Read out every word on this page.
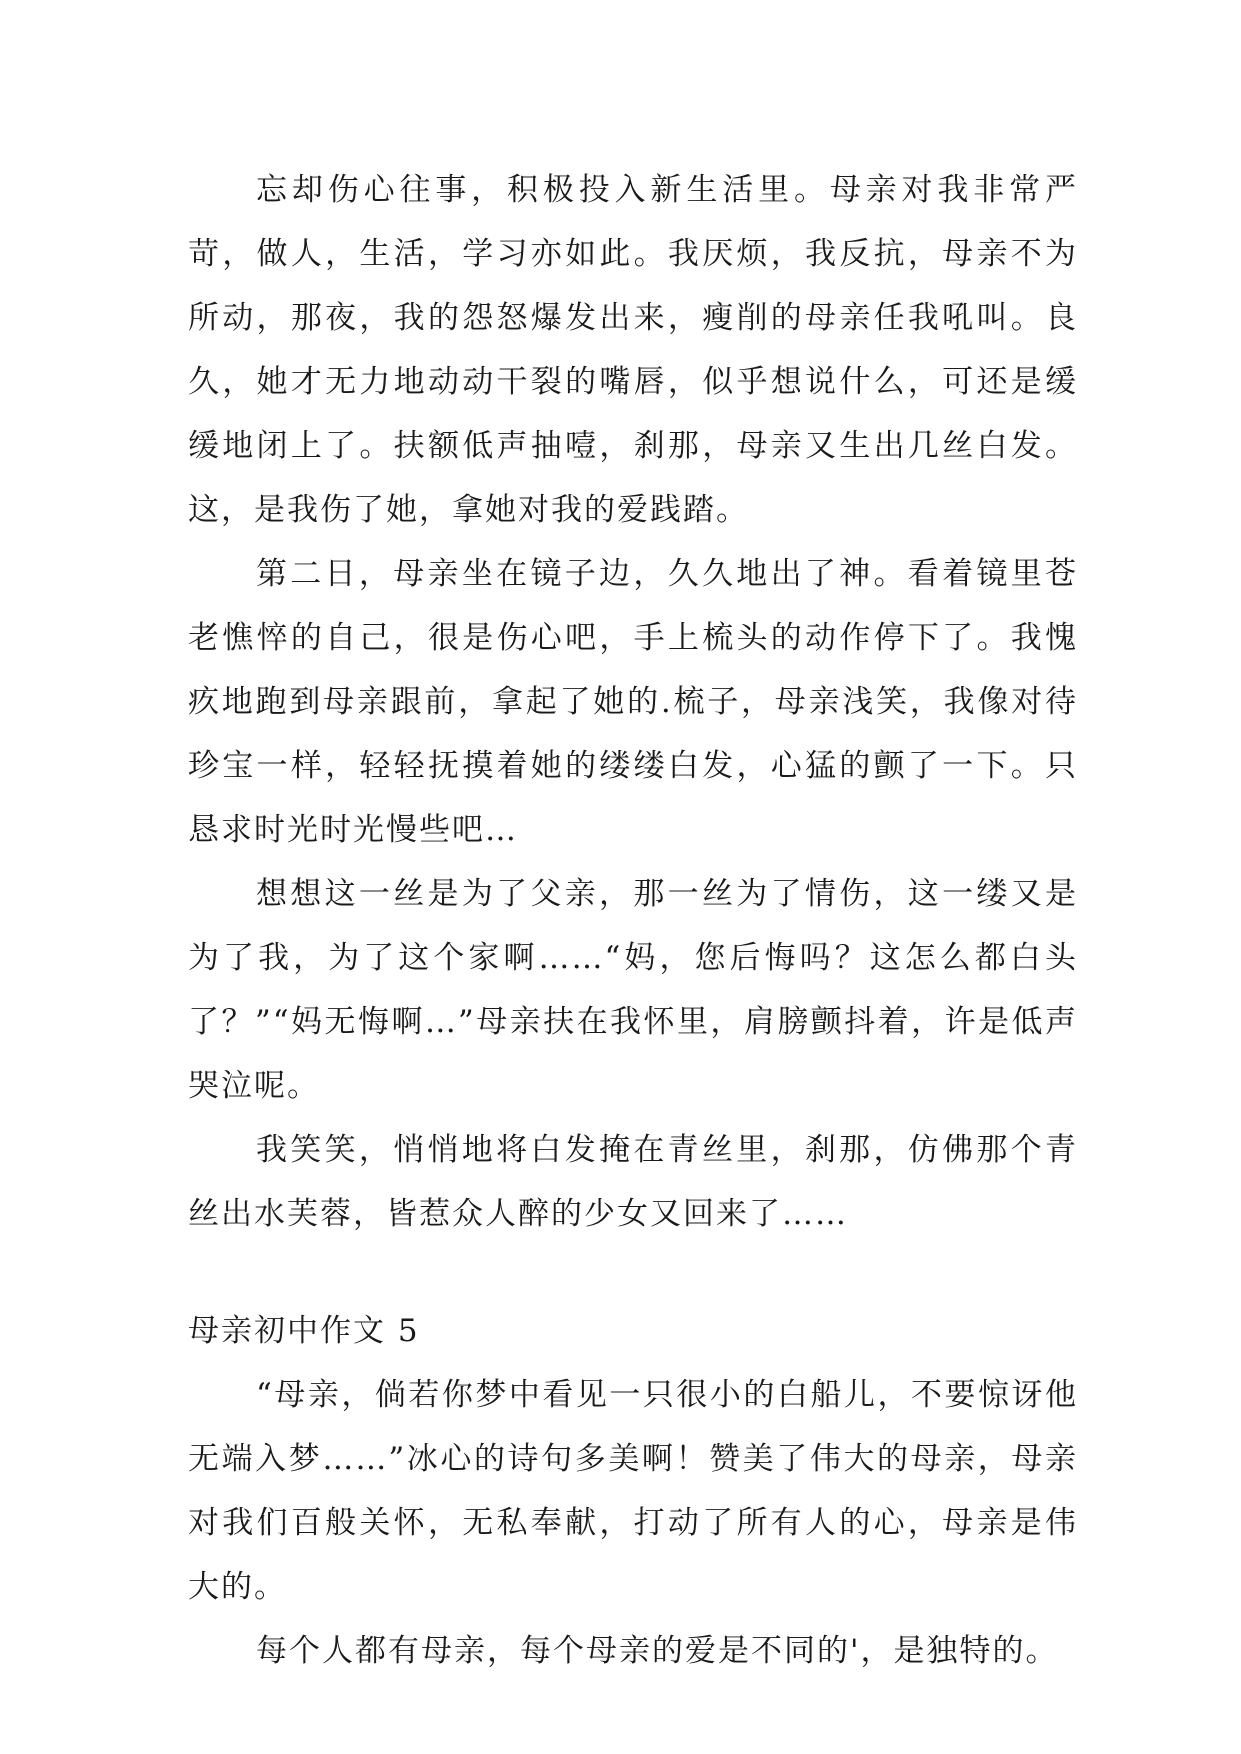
忘却伤心往事，积极投入新生活里。母亲对我非常严苛，做人，生活，学习亦如此。我厌烦，我反抗，母亲不为所动，那夜，我的怨怒爆发出来，瘦削的母亲任我吼叫。良久，她才无力地动动干裂的嘴唇，似乎想说什么，可还是缓缓地闭上了。扶额低声抽噎，刹那，母亲又生出几丝白发。这，是我伤了她，拿她对我的爱践踏。

第二日，母亲坐在镜子边，久久地出了神。看着镜里苍老憔悴的自己，很是伤心吧，手上梳头的动作停下了。我愧疚地跑到母亲跟前，拿起了她的.梳子，母亲浅笑，我像对待珍宝一样，轻轻抚摸着她的缕缕白发，心猛的颤了一下。只恳求时光时光慢些吧…

想想这一丝是为了父亲，那一丝为了情伤，这一缕又是为了我，为了这个家啊……“妈，您后悔吗？这怎么都白头了？”“妈无悔啊…”母亲扶在我怀里，肩膀颤抖着，许是低声哭泣呢。

我笑笑，悄悄地将白发掩在青丝里，刹那，仿佛那个青丝出水芙蓉，皆惹众人醉的少女又回来了……

母亲初中作文 5

“母亲，倘若你梦中看见一只很小的白船儿，不要惊讶他无端入梦……”冰心的诗句多美啊！赞美了伟大的母亲，母亲对我们百般关怀，无私奉献，打动了所有人的心，母亲是伟大的。

每个人都有母亲，每个母亲的爱是不同的'，是独特的。
